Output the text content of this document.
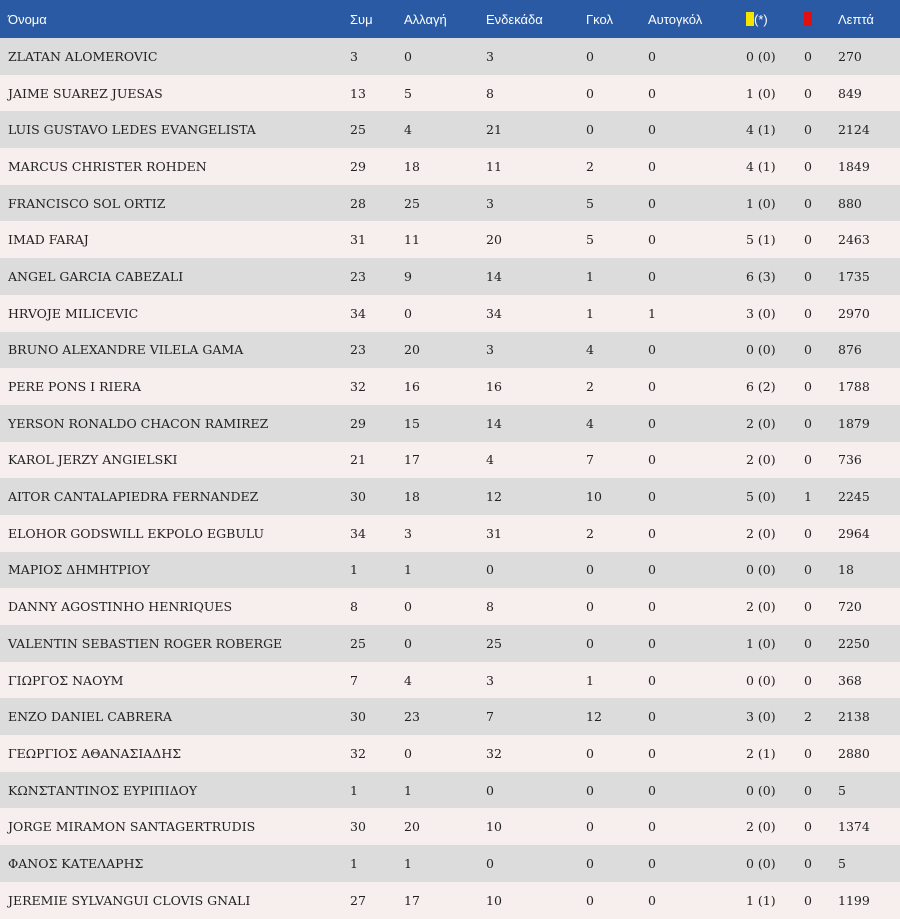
Όνομα	Συμ	Αλλαγή	Ενδεκάδα	Γκολ	Αυτογκόλ	(*)		Λεπτά
ZLATAN ALOMEROVIC	3	0	3	0	0	0 (0)	0	270
JAIME SUAREZ JUESAS	13	5	8	0	0	1 (0)	0	849
LUIS GUSTAVO LEDES EVANGELISTA	25	4	21	0	0	4 (1)	0	2124
MARCUS CHRISTER ROHDEN	29	18	11	2	0	4 (1)	0	1849
FRANCISCO SOL ORTIZ	28	25	3	5	0	1 (0)	0	880
IMAD FARAJ	31	11	20	5	0	5 (1)	0	2463
ANGEL GARCIA CABEZALI	23	9	14	1	0	6 (3)	0	1735
HRVOJE MILICEVIC	34	0	34	1	1	3 (0)	0	2970
BRUNO ALEXANDRE VILELA GAMA	23	20	3	4	0	0 (0)	0	876
PERE PONS I RIERA	32	16	16	2	0	6 (2)	0	1788
YERSON RONALDO CHACON RAMIREZ	29	15	14	4	0	2 (0)	0	1879
KAROL JERZY ANGIELSKI	21	17	4	7	0	2 (0)	0	736
AITOR CANTALAPIEDRA FERNANDEZ	30	18	12	10	0	5 (0)	1	2245
ELOHOR GODSWILL EKPOLO EGBULU	34	3	31	2	0	2 (0)	0	2964
ΜΑΡΙΟΣ ΔΗΜΗΤΡΙΟΥ	1	1	0	0	0	0 (0)	0	18
DANNY AGOSTINHO HENRIQUES	8	0	8	0	0	2 (0)	0	720
VALENTIN SEBASTIEN ROGER ROBERGE	25	0	25	0	0	1 (0)	0	2250
ΓΙΩΡΓΟΣ ΝΑΟΥΜ	7	4	3	1	0	0 (0)	0	368
ENZO DANIEL CABRERA	30	23	7	12	0	3 (0)	2	2138
ΓΕΩΡΓΙΟΣ ΑΘΑΝΑΣΙΑΔΗΣ	32	0	32	0	0	2 (1)	0	2880
ΚΩΝΣΤΑΝΤΙΝΟΣ ΕΥΡΙΠΙΔΟΥ	1	1	0	0	0	0 (0)	0	5
JORGE MIRAMON SANTAGERTRUDIS	30	20	10	0	0	2 (0)	0	1374
ΦΑΝΟΣ ΚΑΤΕΛΑΡΗΣ	1	1	0	0	0	0 (0)	0	5
JEREMIE SYLVANGUI CLOVIS GNALI	27	17	10	0	0	1 (1)	0	1199
